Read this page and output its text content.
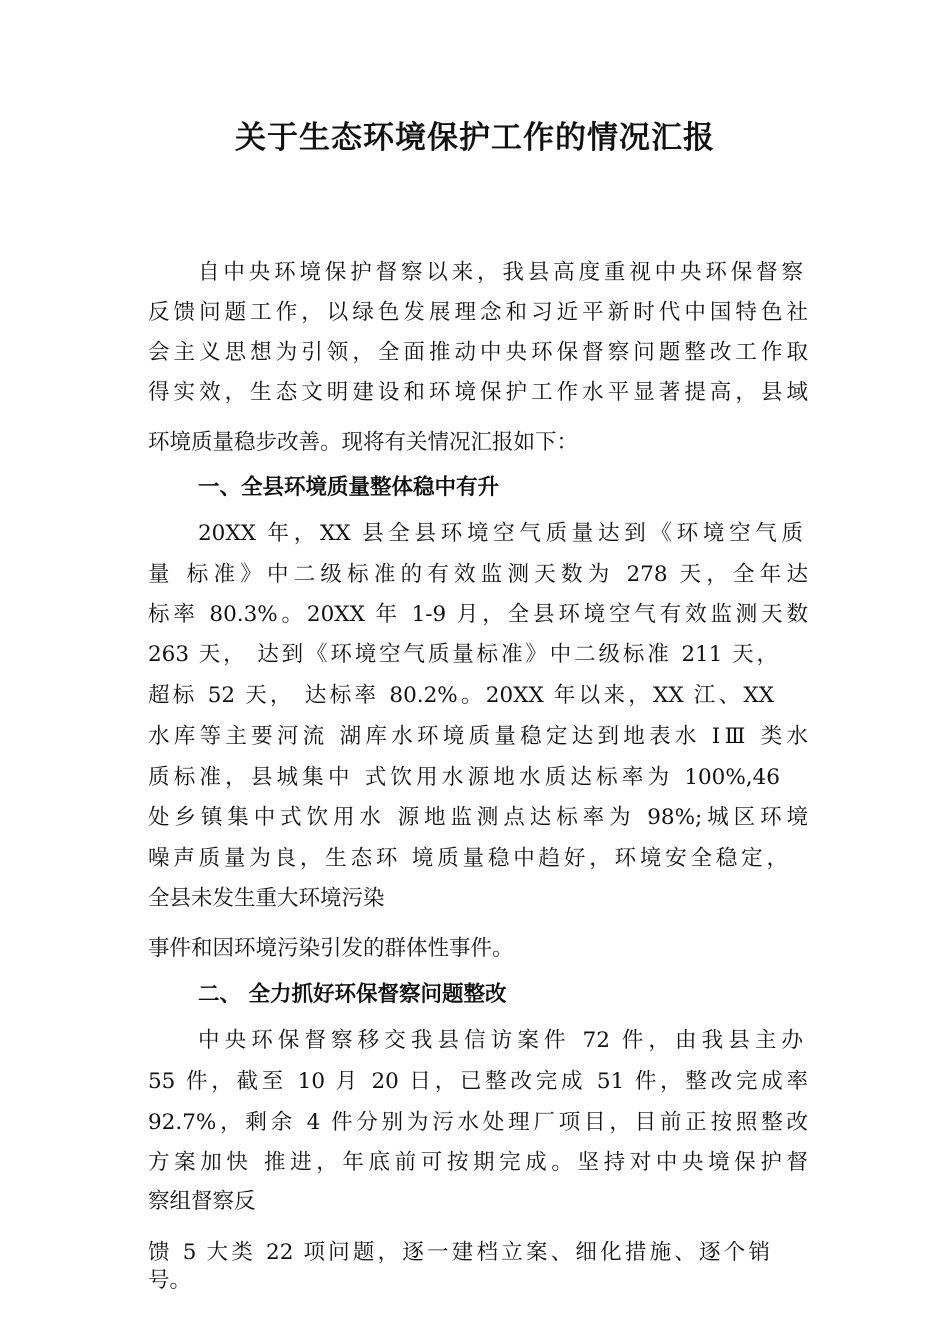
关于生态环境保护工作的情况汇报

自中央环境保护督察以来，我县高度重视中央环保督察

反馈问题工作，以绿色发展理念和习近平新时代中国特色社

会主义思想为引领，全面推动中央环保督察问题整改工作取

得实效，生态文明建设和环境保护工作水平显著提高，县域

环境质量稳步改善。现将有关情况汇报如下：

一、全县环境质量整体稳中有升

20XX 年，XX 县全县环境空气质量达到《环境空气质

量 标准》中二级标准的有效监测天数为 278 天，全年达

标率 80.3%。20XX 年 1-9 月，全县环境空气有效监测天数

263 天， 达到《环境空气质量标准》中二级标准 211 天，

超标 52 天， 达标率 80.2%。20XX 年以来，XX 江、XX

水库等主要河流 湖库水环境质量稳定达到地表水 IⅢ 类水

质标准，县城集中 式饮用水源地水质达标率为 100%,46

处乡镇集中式饮用水 源地监测点达标率为 98%;城区环境

噪声质量为良，生态环 境质量稳中趋好，环境安全稳定，

全县未发生重大环境污染

事件和因环境污染引发的群体性事件。

二、 全力抓好环保督察问题整改

中央环保督察移交我县信访案件 72 件，由我县主办

55 件，截至 10 月 20 日，已整改完成 51 件，整改完成率

92.7%，剩余 4 件分别为污水处理厂项目，目前正按照整改

方案加快 推进，年底前可按期完成。坚持对中央境保护督

察组督察反

馈 5 大类 22 项问题，逐一建档立案、细化措施、逐个销

号。
